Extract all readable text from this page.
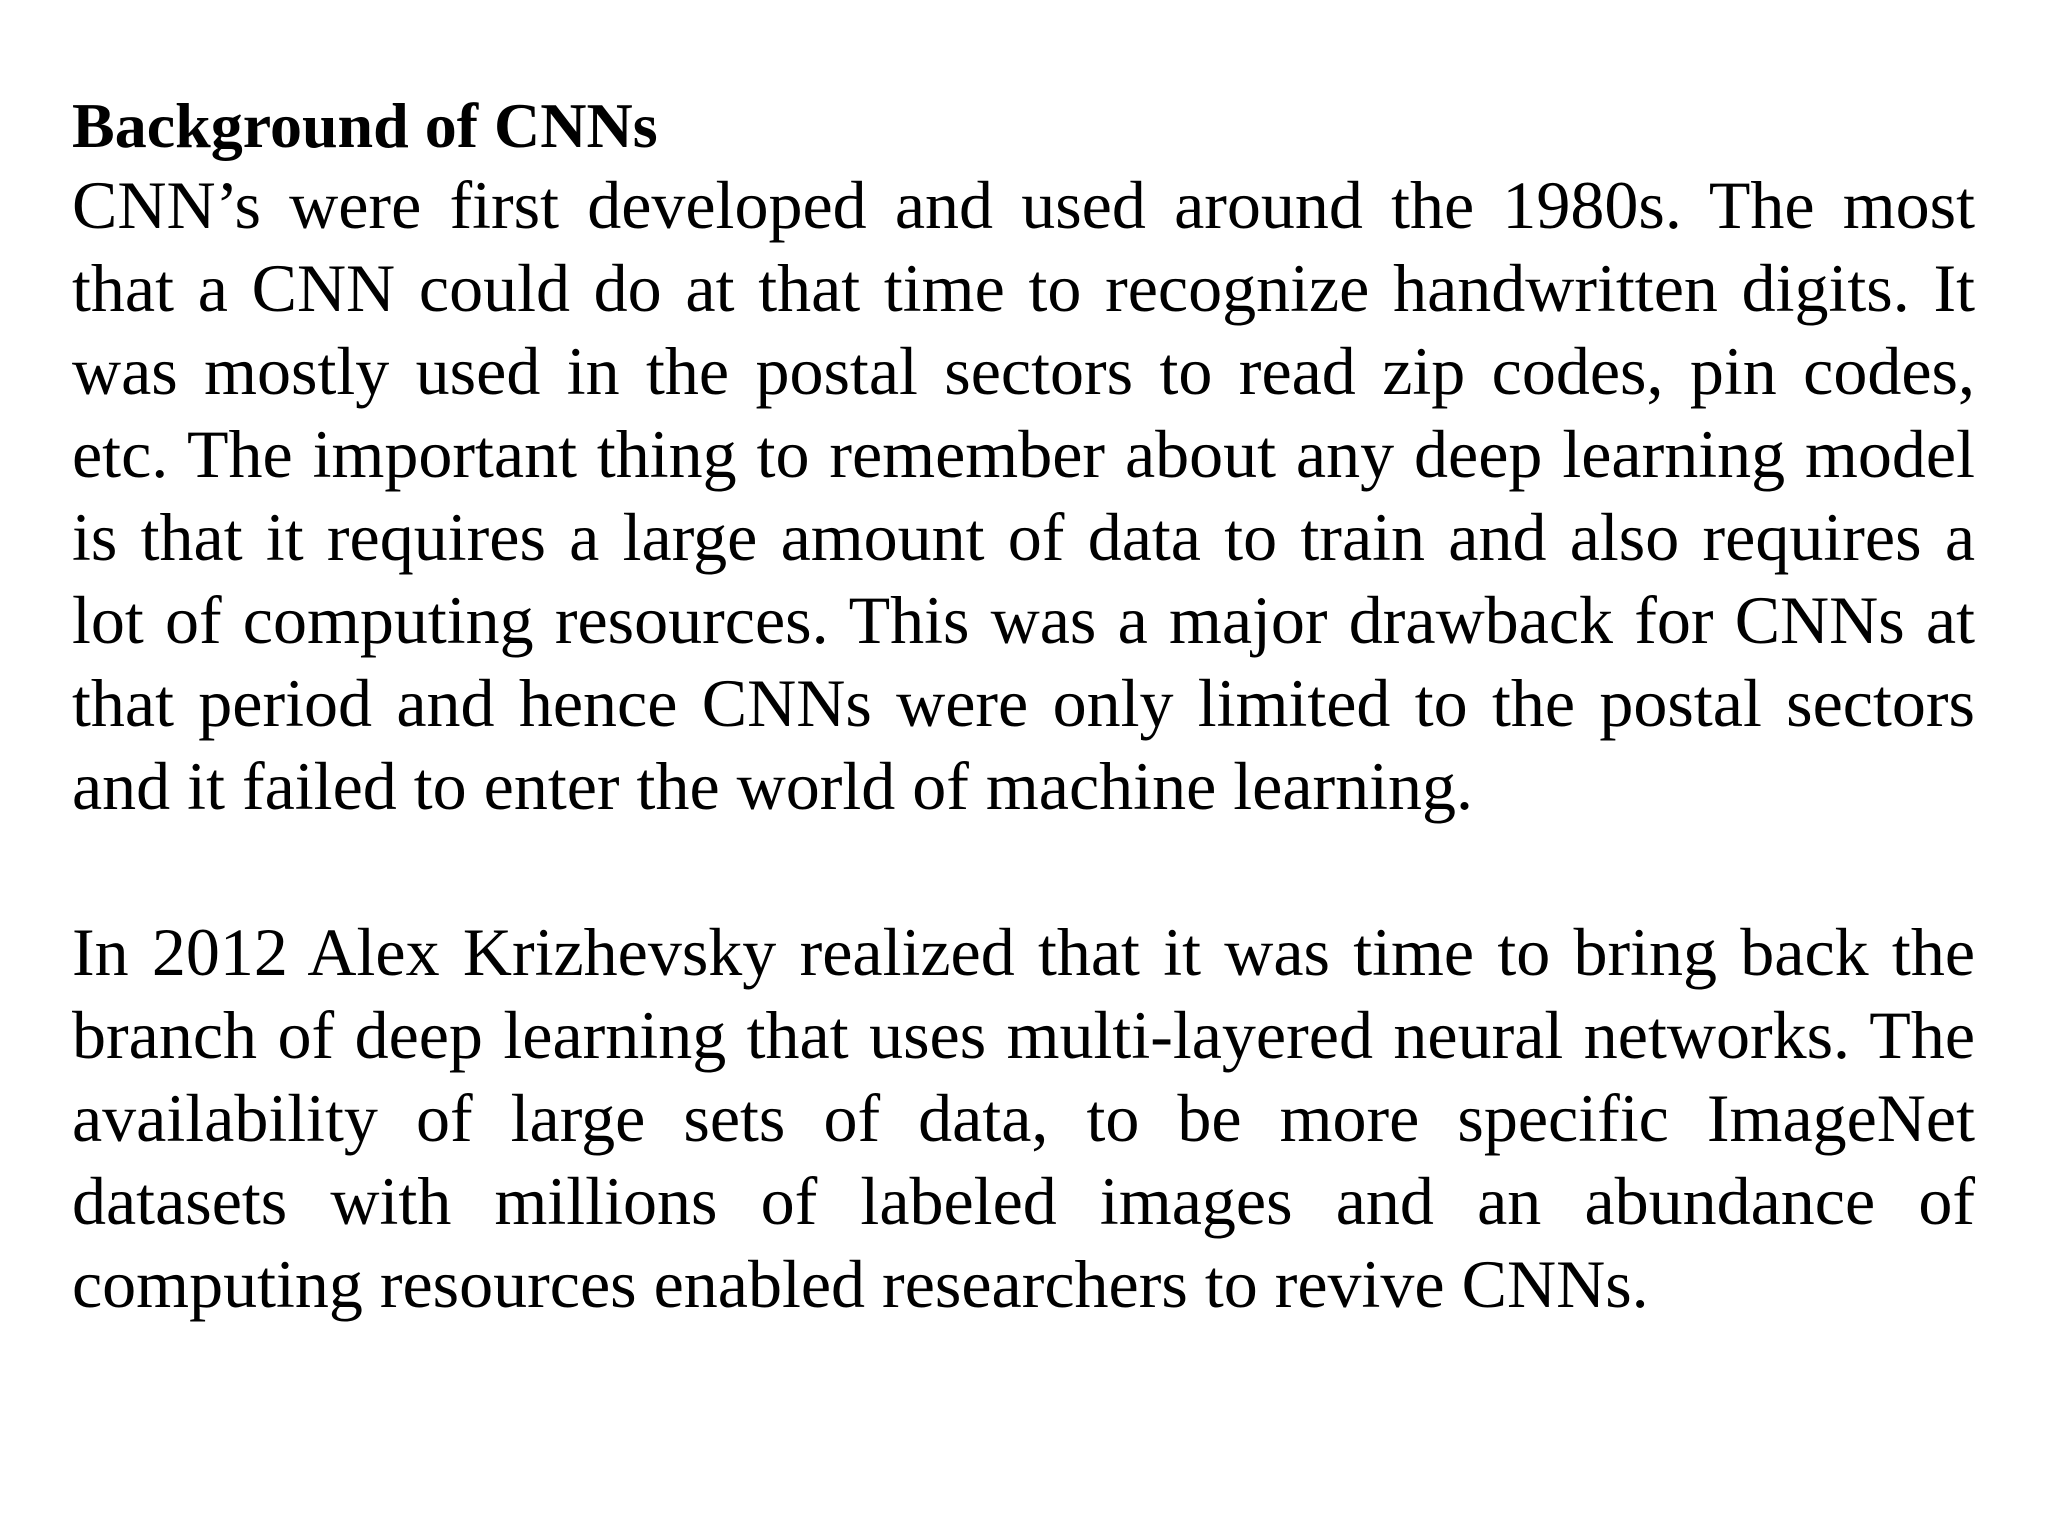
Background of CNNs

CNN’s were first developed and used around the 1980s. The most that a CNN could do at that time to recognize handwritten digits. It was mostly used in the postal sectors to read zip codes, pin codes, etc. The important thing to remember about any deep learning model is that it requires a large amount of data to train and also requires a lot of computing resources. This was a major drawback for CNNs at that period and hence CNNs were only limited to the postal sectors and it failed to enter the world of machine learning.

In 2012 Alex Krizhevsky realized that it was time to bring back the branch of deep learning that uses multi-layered neural networks. The availability of large sets of data, to be more specific ImageNet datasets with millions of labeled images and an abundance of computing resources enabled researchers to revive CNNs.
